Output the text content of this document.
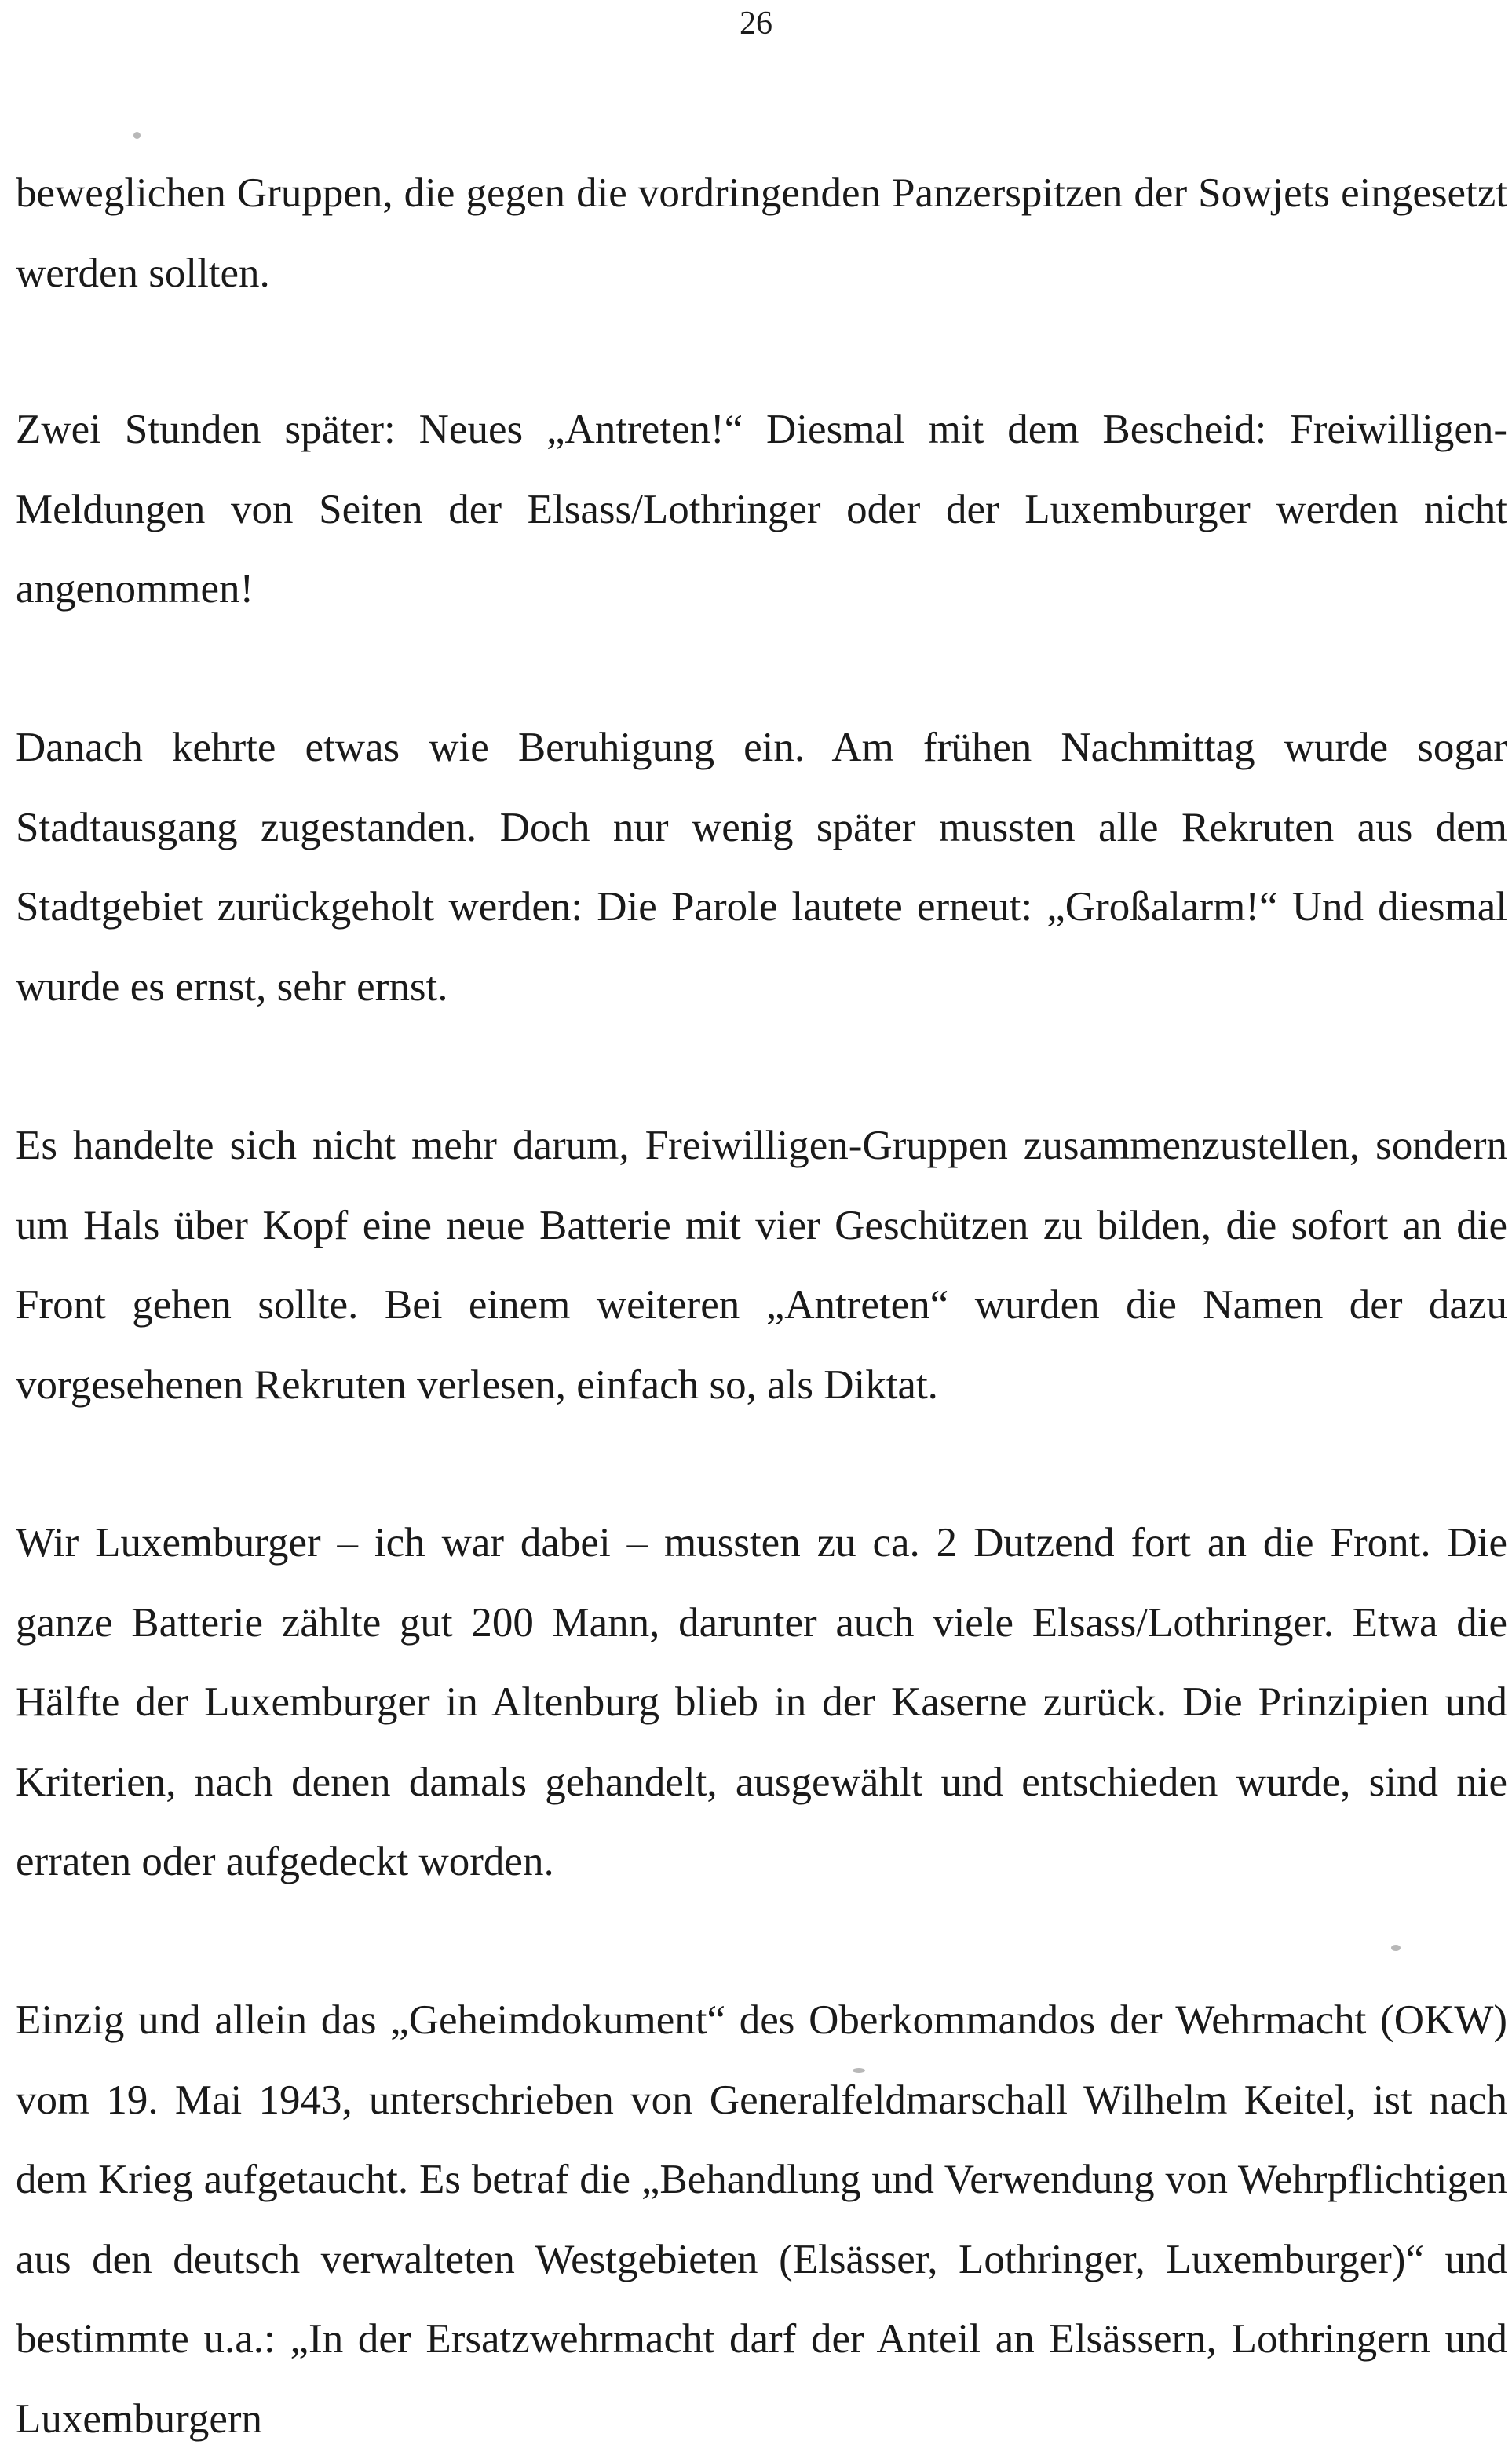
26

beweglichen Gruppen, die gegen die vordringenden Panzerspitzen der Sowjets eingesetzt werden sollten.

Zwei Stunden später: Neues „Antreten!“ Diesmal mit dem Bescheid: Freiwilligen-Meldungen von Seiten der Elsass/Lothringer oder der Luxemburger werden nicht angenommen!

Danach kehrte etwas wie Beruhigung ein. Am frühen Nachmittag wurde sogar Stadtausgang zugestanden. Doch nur wenig später mussten alle Rekruten aus dem Stadtgebiet zurückgeholt werden: Die Parole lautete erneut: „Großalarm!“ Und diesmal wurde es ernst, sehr ernst.

Es handelte sich nicht mehr darum, Freiwilligen-Gruppen zusammenzustellen, sondern um Hals über Kopf eine neue Batterie mit vier Geschützen zu bilden, die sofort an die Front gehen sollte. Bei einem weiteren „Antreten“ wurden die Namen der dazu vorgesehenen Rekruten verlesen, einfach so, als Diktat.

Wir Luxemburger – ich war dabei – mussten zu ca. 2 Dutzend fort an die Front. Die ganze Batterie zählte gut 200 Mann, darunter auch viele Elsass/Lothringer. Etwa die Hälfte der Luxemburger in Altenburg blieb in der Kaserne zurück. Die Prinzipien und Kriterien, nach denen damals gehandelt, ausgewählt und entschieden wurde, sind nie erraten oder aufgedeckt worden.

Einzig und allein das „Geheimdokument“ des Oberkommandos der Wehrmacht (OKW) vom 19. Mai 1943, unterschrieben von Generalfeldmarschall Wilhelm Keitel, ist nach dem Krieg aufgetaucht. Es betraf die „Behandlung und Verwendung von Wehrpflichtigen aus den deutsch verwalteten Westgebieten (Elsässer, Lothringer, Luxemburger)“ und bestimmte u.a.: „In der Ersatzwehrmacht darf der Anteil an Elsässern, Lothringern und Luxemburgern
